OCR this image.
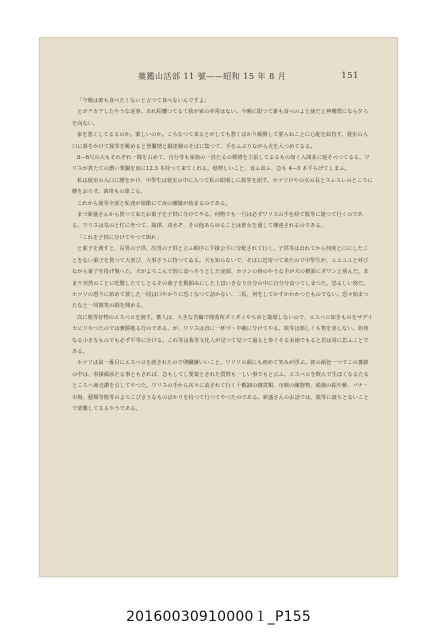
薬鑑山活部 11 號——昭和 15 年 8 月	151

「今晩は誰も食べたくないと言つて食べないんですよ」

とボヲカヲしたやうな返事。あれ程饑つてるて我が家の亦常はない。今晩に限つて誰も食べのよと使だと神棚賞になら夕ろを向ない。

家を悪くしてるるのか。案しいのか。こちなつて来るとがしても愁くばかり解勝して要らねことに心配を絵持す。寝室の入口に暮をかけて簇等を眺めると皆繋情と闘達鏡のそばに集つて、手をふぶりながら火を入つめてるる。

8—6尺の大もそれぞれ一隊を占めて、自分等も家族の一員たるの標將を主張してるるもの如く入間並に寝そべつてるる。ワリスが煮たての燃い栗鍋を皿に12.3 本持つて来てくれる。慰哩しいこと、食ふ食ふ、急も 4—5 本平らげてしまふ。

私は寝室の入口に腰をかけ、中學生は寝室の中に入つて私の眼順しに簇等を語す。ホツソけやの女の長とスレスレのところに腰をおろす。萬帯もの蒙こる。

これから簇等全部と私達が暗酷にて夜の團欒が始まるのである。

まづ新盛さんから貰つて来たお菓子を子供に分けてやる。何物でも一旦は必ずワリスの手を経て簇等に渡つて行くのである。ワリスは気のと忙に坐つて、歳澤、双水ぞ、その他あらゆることは彼女を通して傳達されるのである。

「これを子供に分けてやつて娯れ」

と菓子を渡すと、長男の子供、次男の子供と言ふ順序に平掛公平に分配されて行く。子供等は出れてから何度と口にしたことをない菓子を貰つて大喜び、大事さうに持つてゐる。犬も知らないで、そばに近寄つて来たので中學生が、ユユユユと呼びながら菓子を投げ與へた。犬がよろこんで習に食へやうとした途端、ホツンの傍のやうな手が犬の横面にダワンと飛んだ。あまり突然のことに吃驚したてしとるその菓子を驚掴みにした上ほいきなり自分の中に自分分食つてしまつた。恐るしい努だ。ホツソの怒りに始めて彼した一同は口やかりに恐くなつて話かない。二仮、何をしてかすかわかつたものでない。恐々始まつたなと一同微笑の損を開める。

次に簇等好物のエスペロを渡す。蕃人は、大きな苦輪で圓蒸所ダイダイやちめと薬瑠しないので、エスペロ如きものをサデイカビリやつたのでは實勝地る行のである。が、ワリスは直に一杯づヽ半碗に分けてやる。簇等は嬉しくも物を喜しない。如何なる小さなものでも必ず平等に分ける。これ等は我等文化人が見つて見つて過ると参ぐそる美徳でもると思は常に思ふことである。

ホツソは第一番目にエスペロを渡されたので卵臓嫌いいこと、ワリソの顔にも初めて笑みが浮ぶ。彼の顔色一つでこの蕃卸の中は、奉掛顔添たる事ともされば、急もしてし要薬とされた質陛も一しい事でもと云ふ。エスペロを飲んで生ほくなるたるところへ商売讃を引してやつた。ワリスの手から次々に流されて行く十數卸の雜貨類、市映の練器物、絹器の振や紫、パナ・市場、藝類等簇等のよろこびさうなものばかりを持つて行つてやつたのである。新盛さんのお話では、簇等に渡ちとないことで蒙難してるるやうである。

20160030910000１_P155
